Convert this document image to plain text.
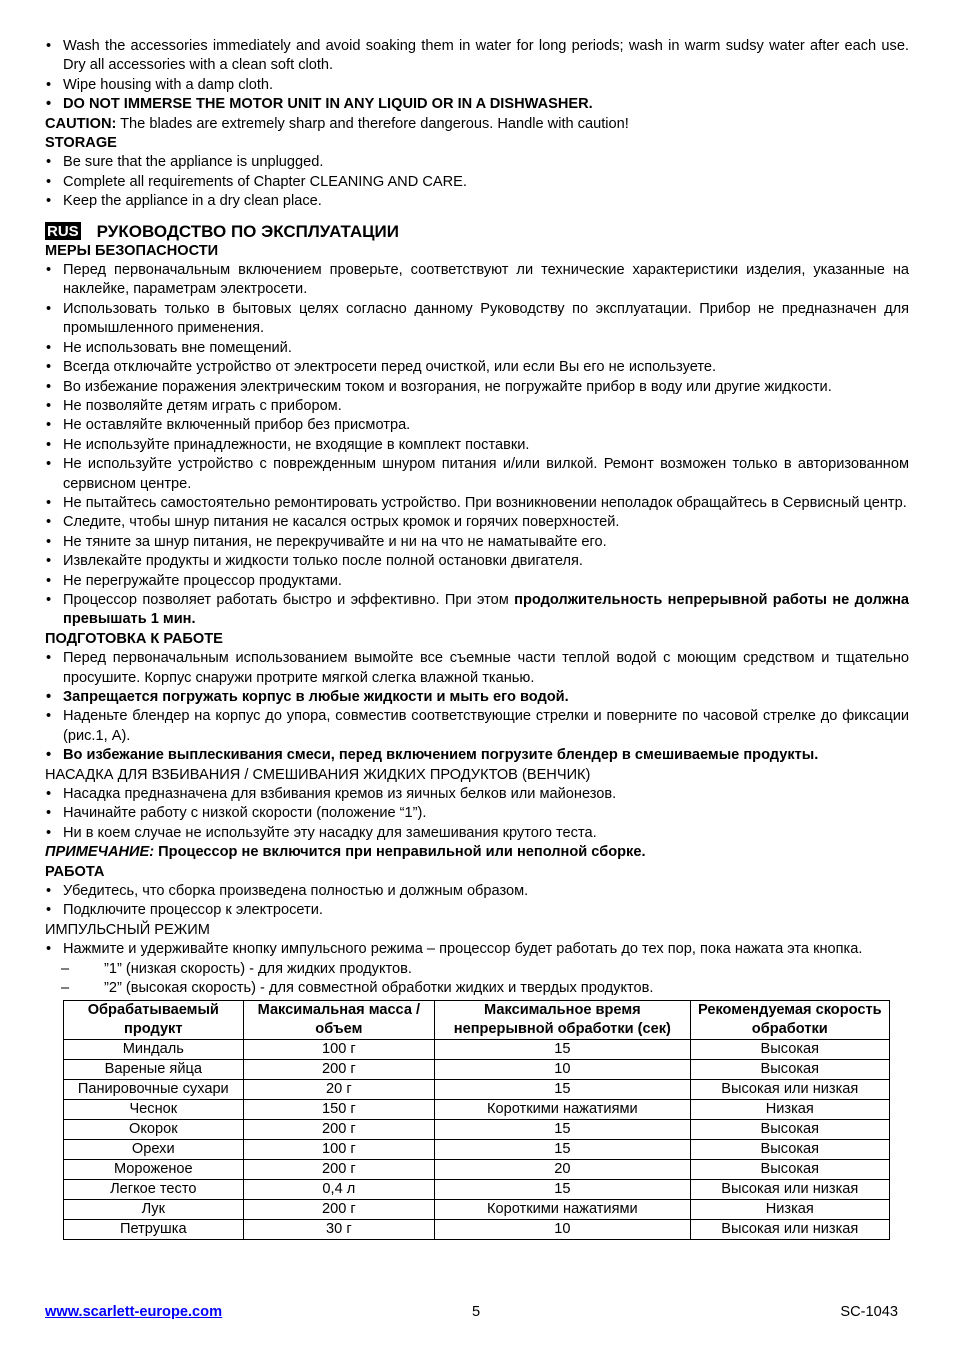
• Wash the accessories immediately and avoid soaking them in water for long periods; wash in warm sudsy water after each use. Dry all accessories with a clean soft cloth.
• Wipe housing with a damp cloth.
• DO NOT IMMERSE THE MOTOR UNIT IN ANY LIQUID OR IN A DISHWASHER.
CAUTION: The blades are extremely sharp and therefore dangerous. Handle with caution!
STORAGE
• Be sure that the appliance is unplugged.
• Complete all requirements of Chapter CLEANING AND CARE.
• Keep the appliance in a dry clean place.
RUS РУКОВОДСТВО ПО ЭКСПЛУАТАЦИИ
МЕРЫ БЕЗОПАСНОСТИ
• Перед первоначальным включением проверьте, соответствуют ли технические характеристики изделия, указанные на наклейке, параметрам электросети.
• Использовать только в бытовых целях согласно данному Руководству по эксплуатации. Прибор не предназначен для промышленного применения.
• Не использовать вне помещений.
• Всегда отключайте устройство от электросети перед очисткой, или если Вы его не используете.
• Во избежание поражения электрическим током и возгорания, не погружайте прибор в воду или другие жидкости.
• Не позволяйте детям играть с прибором.
• Не оставляйте включенный прибор без присмотра.
• Не используйте принадлежности, не входящие в комплект поставки.
• Не используйте устройство с поврежденным шнуром питания и/или вилкой. Ремонт возможен только в авторизованном сервисном центре.
• Не пытайтесь самостоятельно ремонтировать устройство. При возникновении неполадок обращайтесь в Сервисный центр.
• Следите, чтобы шнур питания не касался острых кромок и горячих поверхностей.
• Не тяните за шнур питания, не перекручивайте и ни на что не наматывайте его.
• Извлекайте продукты и жидкости только после полной остановки двигателя.
• Не перегружайте процессор продуктами.
• Процессор позволяет работать быстро и эффективно. При этом продолжительность непрерывной работы не должна превышать 1 мин.
ПОДГОТОВКА К РАБОТЕ
• Перед первоначальным использованием вымойте все съемные части теплой водой с моющим средством и тщательно просушите. Корпус снаружи протрите мягкой слегка влажной тканью.
• Запрещается погружать корпус в любые жидкости и мыть его водой.
• Наденьте блендер на корпус до упора, совместив соответствующие стрелки и поверните по часовой стрелке до фиксации (рис.1, A).
• Во избежание выплескивания смеси, перед включением погрузите блендер в смешиваемые продукты.
НАСАДКА ДЛЯ ВЗБИВАНИЯ / СМЕШИВАНИЯ ЖИДКИХ ПРОДУКТОВ (ВЕНЧИК)
• Насадка предназначена для взбивания кремов из яичных белков или майонезов.
• Начинайте работу с низкой скорости (положение “1”).
• Ни в коем случае не используйте эту насадку для замешивания крутого теста.
ПРИМЕЧАНИЕ: Процессор не включится при неправильной или неполной сборке.
РАБОТА
• Убедитесь, что сборка произведена полностью и должным образом.
• Подключите процессор к электросети.
ИМПУЛЬСНЫЙ РЕЖИМ
• Нажмите и удерживайте кнопку импульсного режима – процессор будет работать до тех пор, пока нажата эта кнопка.
– ”1” (низкая скорость) - для жидких продуктов.
– ”2” (высокая скорость) - для совместной обработки жидких и твердых продуктов.
Обрабатываемый продукт	Максимальная масса / объем	Максимальное время непрерывной обработки (сек)	Рекомендуемая скорость обработки
Миндаль	100 г	15	Высокая
Вареные яйца	200 г	10	Высокая
Панировочные сухари	20 г	15	Высокая или низкая
Чеснок	150 г	Короткими нажатиями	Низкая
Окорок	200 г	15	Высокая
Орехи	100 г	15	Высокая
Мороженое	200 г	20	Высокая
Легкое тесто	0,4 л	15	Высокая или низкая
Лук	200 г	Короткими нажатиями	Низкая
Петрушка	30 г	10	Высокая или низкая
www.scarlett-europe.com	5	SC-1043
